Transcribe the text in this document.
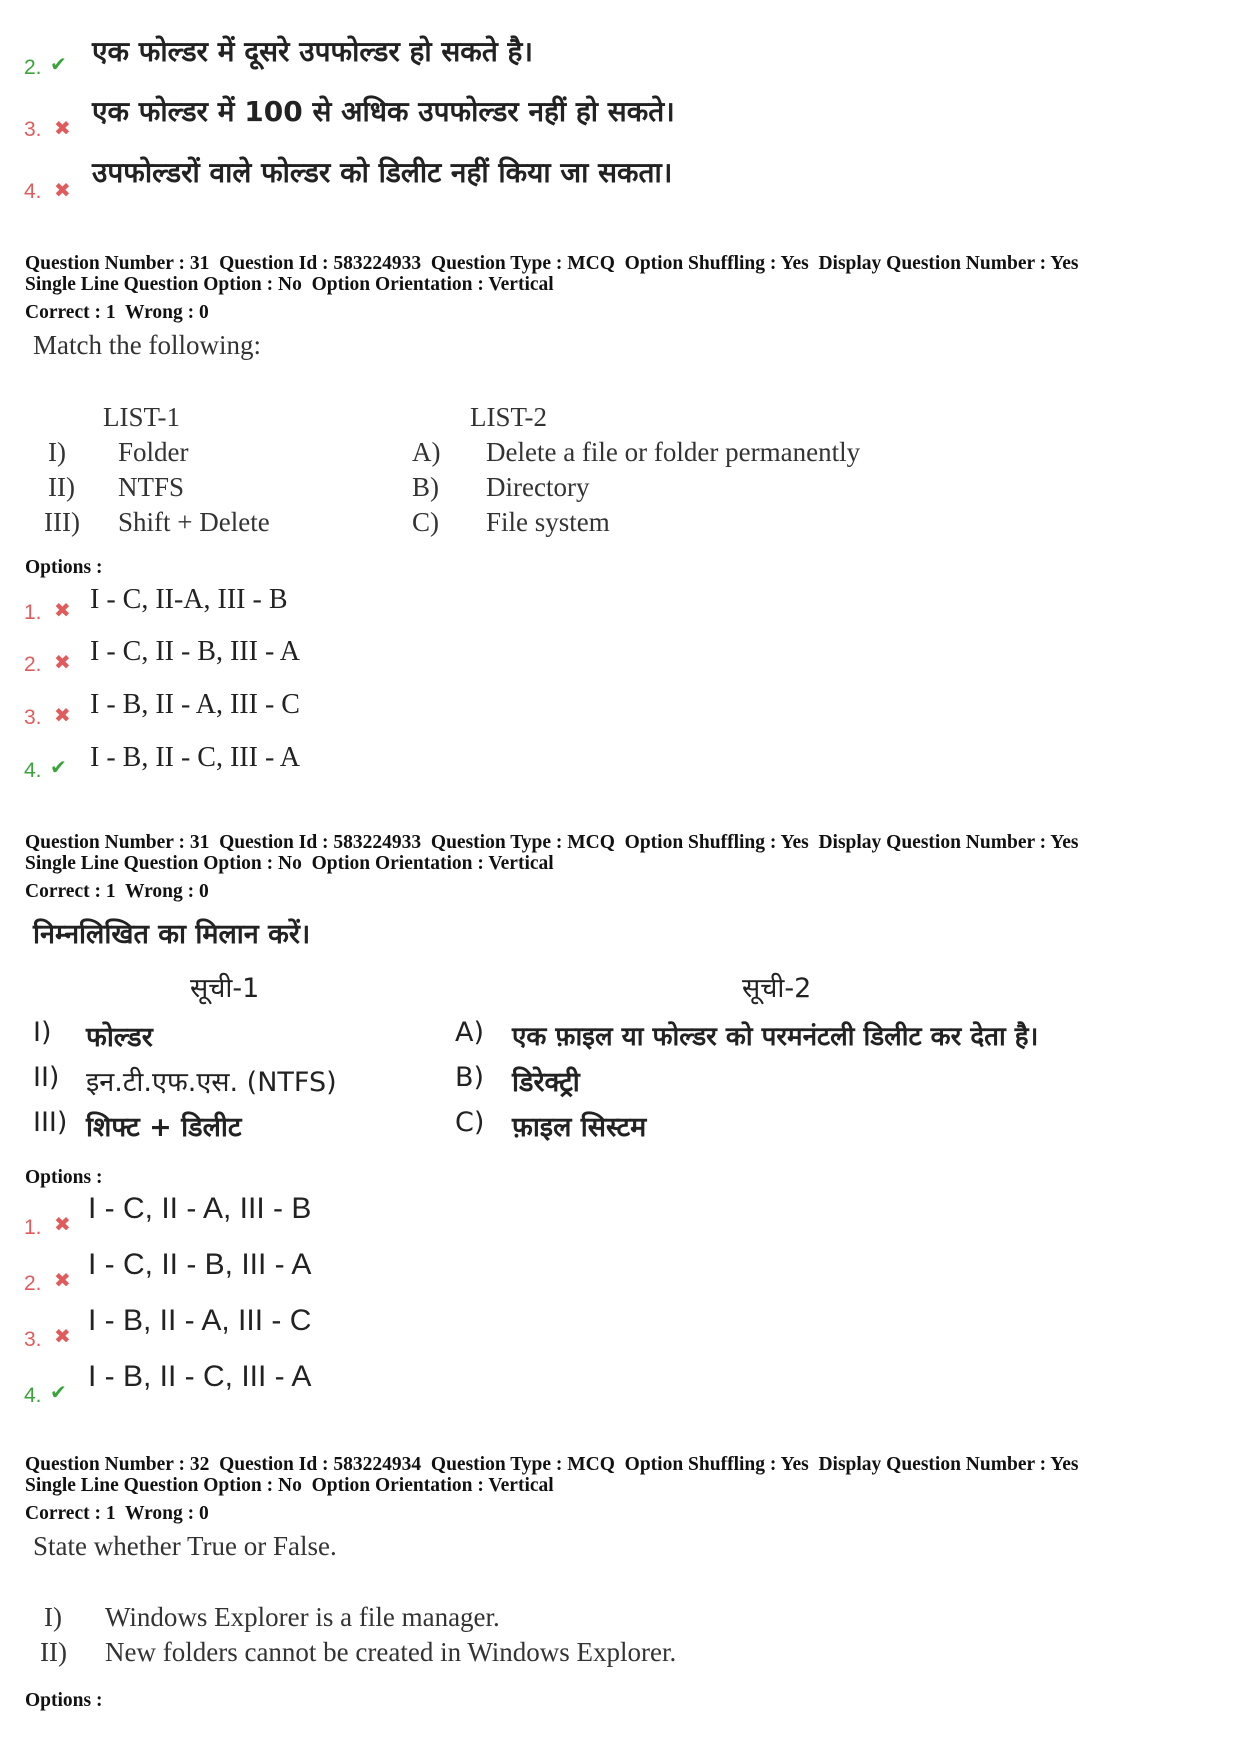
2. ✔ एक फोल्डर में दूसरे उपफोल्डर हो सकते है।
3. ✖ एक फोल्डर में 100 से अधिक उपफोल्डर नहीं हो सकते।
4. ✖
उपफोल्डरों वाले फोल्डर को डिलीट नहीं किया जा सकता।
Question Number : 31  Question Id : 583224933  Question Type : MCQ  Option Shuffling : Yes  Display Question Number : Yes
Single Line Question Option : No  Option Orientation : Vertical
Correct : 1  Wrong : 0
Match the following:
LIST-1	LIST-2
I) Folder
II) NTFS
III) Shift + Delete
A) Delete a file or folder permanently
B) Directory
C) File system
Options :
1. ✖ I - C, II-A, III - B
2. ✖ I - C, II - B, III - A
3. ✖ I - B, II - A, III - C
4. ✔ I - B, II - C, III - A
Question Number : 31  Question Id : 583224933  Question Type : MCQ  Option Shuffling : Yes  Display Question Number : Yes
Single Line Question Option : No  Option Orientation : Vertical
Correct : 1  Wrong : 0
निम्नलिखित का मिलान करें।
सूची-1	सूची-2
I) फोल्डर
II) इन.टी.एफ.एस. (NTFS)
III) शिफ्ट + डिलीट
A) एक फ़ाइल या फोल्डर को परमनंटली डिलीट कर देता है।
B) डिरेक्ट्री
C) फ़ाइल सिस्टम
Options :
1. ✖ I - C, II - A, III - B
2. ✖ I - C, II - B, III - A
3. ✖ I - B, II - A, III - C
4. ✔ I - B, II - C, III - A
Question Number : 32  Question Id : 583224934  Question Type : MCQ  Option Shuffling : Yes  Display Question Number : Yes
Single Line Question Option : No  Option Orientation : Vertical
Correct : 1  Wrong : 0
State whether True or False.
I) Windows Explorer is a file manager.
II) New folders cannot be created in Windows Explorer.
Options :
